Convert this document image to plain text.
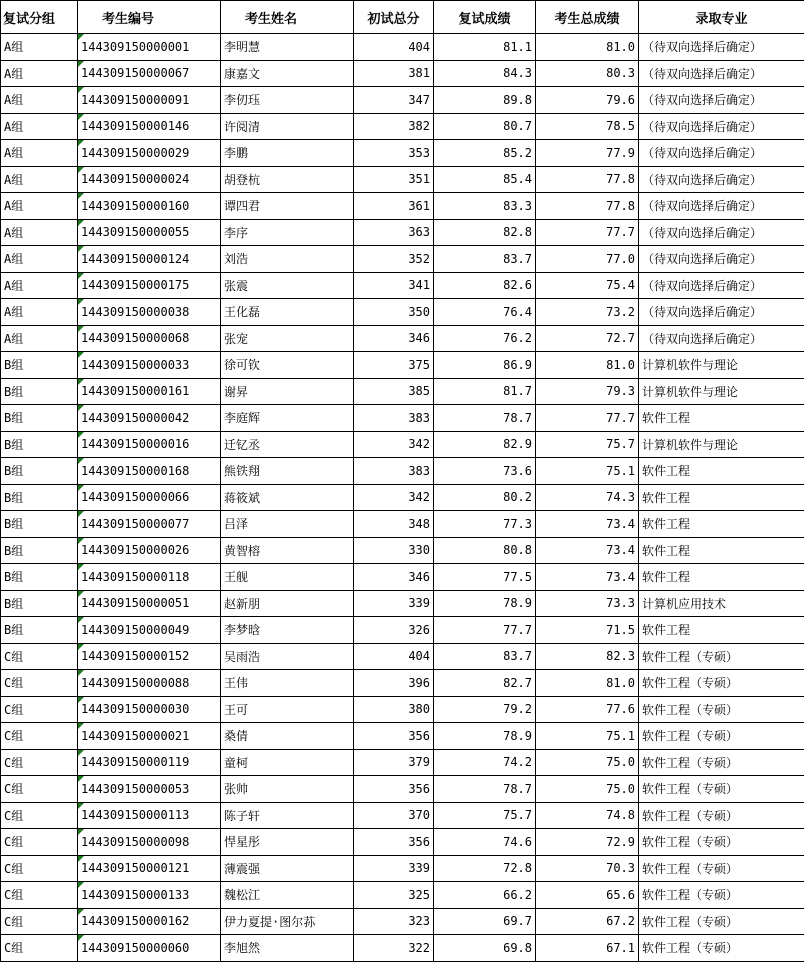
复试分组	考生编号	考生姓名	初试总分	复试成绩	考生总成绩	录取专业
A组	144309150000001	李明慧	404	81.1	81.0	（待双向选择后确定）
A组	144309150000067	康嘉文	381	84.3	80.3	（待双向选择后确定）
A组	144309150000091	李仞珏	347	89.8	79.6	（待双向选择后确定）
A组	144309150000146	许阅清	382	80.7	78.5	（待双向选择后确定）
A组	144309150000029	李鹏	353	85.2	77.9	（待双向选择后确定）
A组	144309150000024	胡登杭	351	85.4	77.8	（待双向选择后确定）
A组	144309150000160	谭四君	361	83.3	77.8	（待双向选择后确定）
A组	144309150000055	李序	363	82.8	77.7	（待双向选择后确定）
A组	144309150000124	刘浩	352	83.7	77.0	（待双向选择后确定）
A组	144309150000175	张震	341	82.6	75.4	（待双向选择后确定）
A组	144309150000038	王化磊	350	76.4	73.2	（待双向选择后确定）
A组	144309150000068	张宠	346	76.2	72.7	（待双向选择后确定）
B组	144309150000033	徐可钦	375	86.9	81.0	计算机软件与理论
B组	144309150000161	谢昇	385	81.7	79.3	计算机软件与理论
B组	144309150000042	李庭辉	383	78.7	77.7	软件工程
B组	144309150000016	迁钇丞	342	82.9	75.7	计算机软件与理论
B组	144309150000168	熊铁翔	383	73.6	75.1	软件工程
B组	144309150000066	蒋筱斌	342	80.2	74.3	软件工程
B组	144309150000077	吕泽	348	77.3	73.4	软件工程
B组	144309150000026	黄智榕	330	80.8	73.4	软件工程
B组	144309150000118	王舰	346	77.5	73.4	软件工程
B组	144309150000051	赵新朋	339	78.9	73.3	计算机应用技术
B组	144309150000049	李梦晗	326	77.7	71.5	软件工程
C组	144309150000152	吴雨浩	404	83.7	82.3	软件工程（专硕）
C组	144309150000088	王伟	396	82.7	81.0	软件工程（专硕）
C组	144309150000030	王可	380	79.2	77.6	软件工程（专硕）
C组	144309150000021	桑倩	356	78.9	75.1	软件工程（专硕）
C组	144309150000119	童柯	379	74.2	75.0	软件工程（专硕）
C组	144309150000053	张帅	356	78.7	75.0	软件工程（专硕）
C组	144309150000113	陈子轩	370	75.7	74.8	软件工程（专硕）
C组	144309150000098	悍星彤	356	74.6	72.9	软件工程（专硕）
C组	144309150000121	薄震强	339	72.8	70.3	软件工程（专硕）
C组	144309150000133	魏松江	325	66.2	65.6	软件工程（专硕）
C组	144309150000162	伊力夏提·图尔荪	323	69.7	67.2	软件工程（专硕）
C组	144309150000060	李旭然	322	69.8	67.1	软件工程（专硕）
